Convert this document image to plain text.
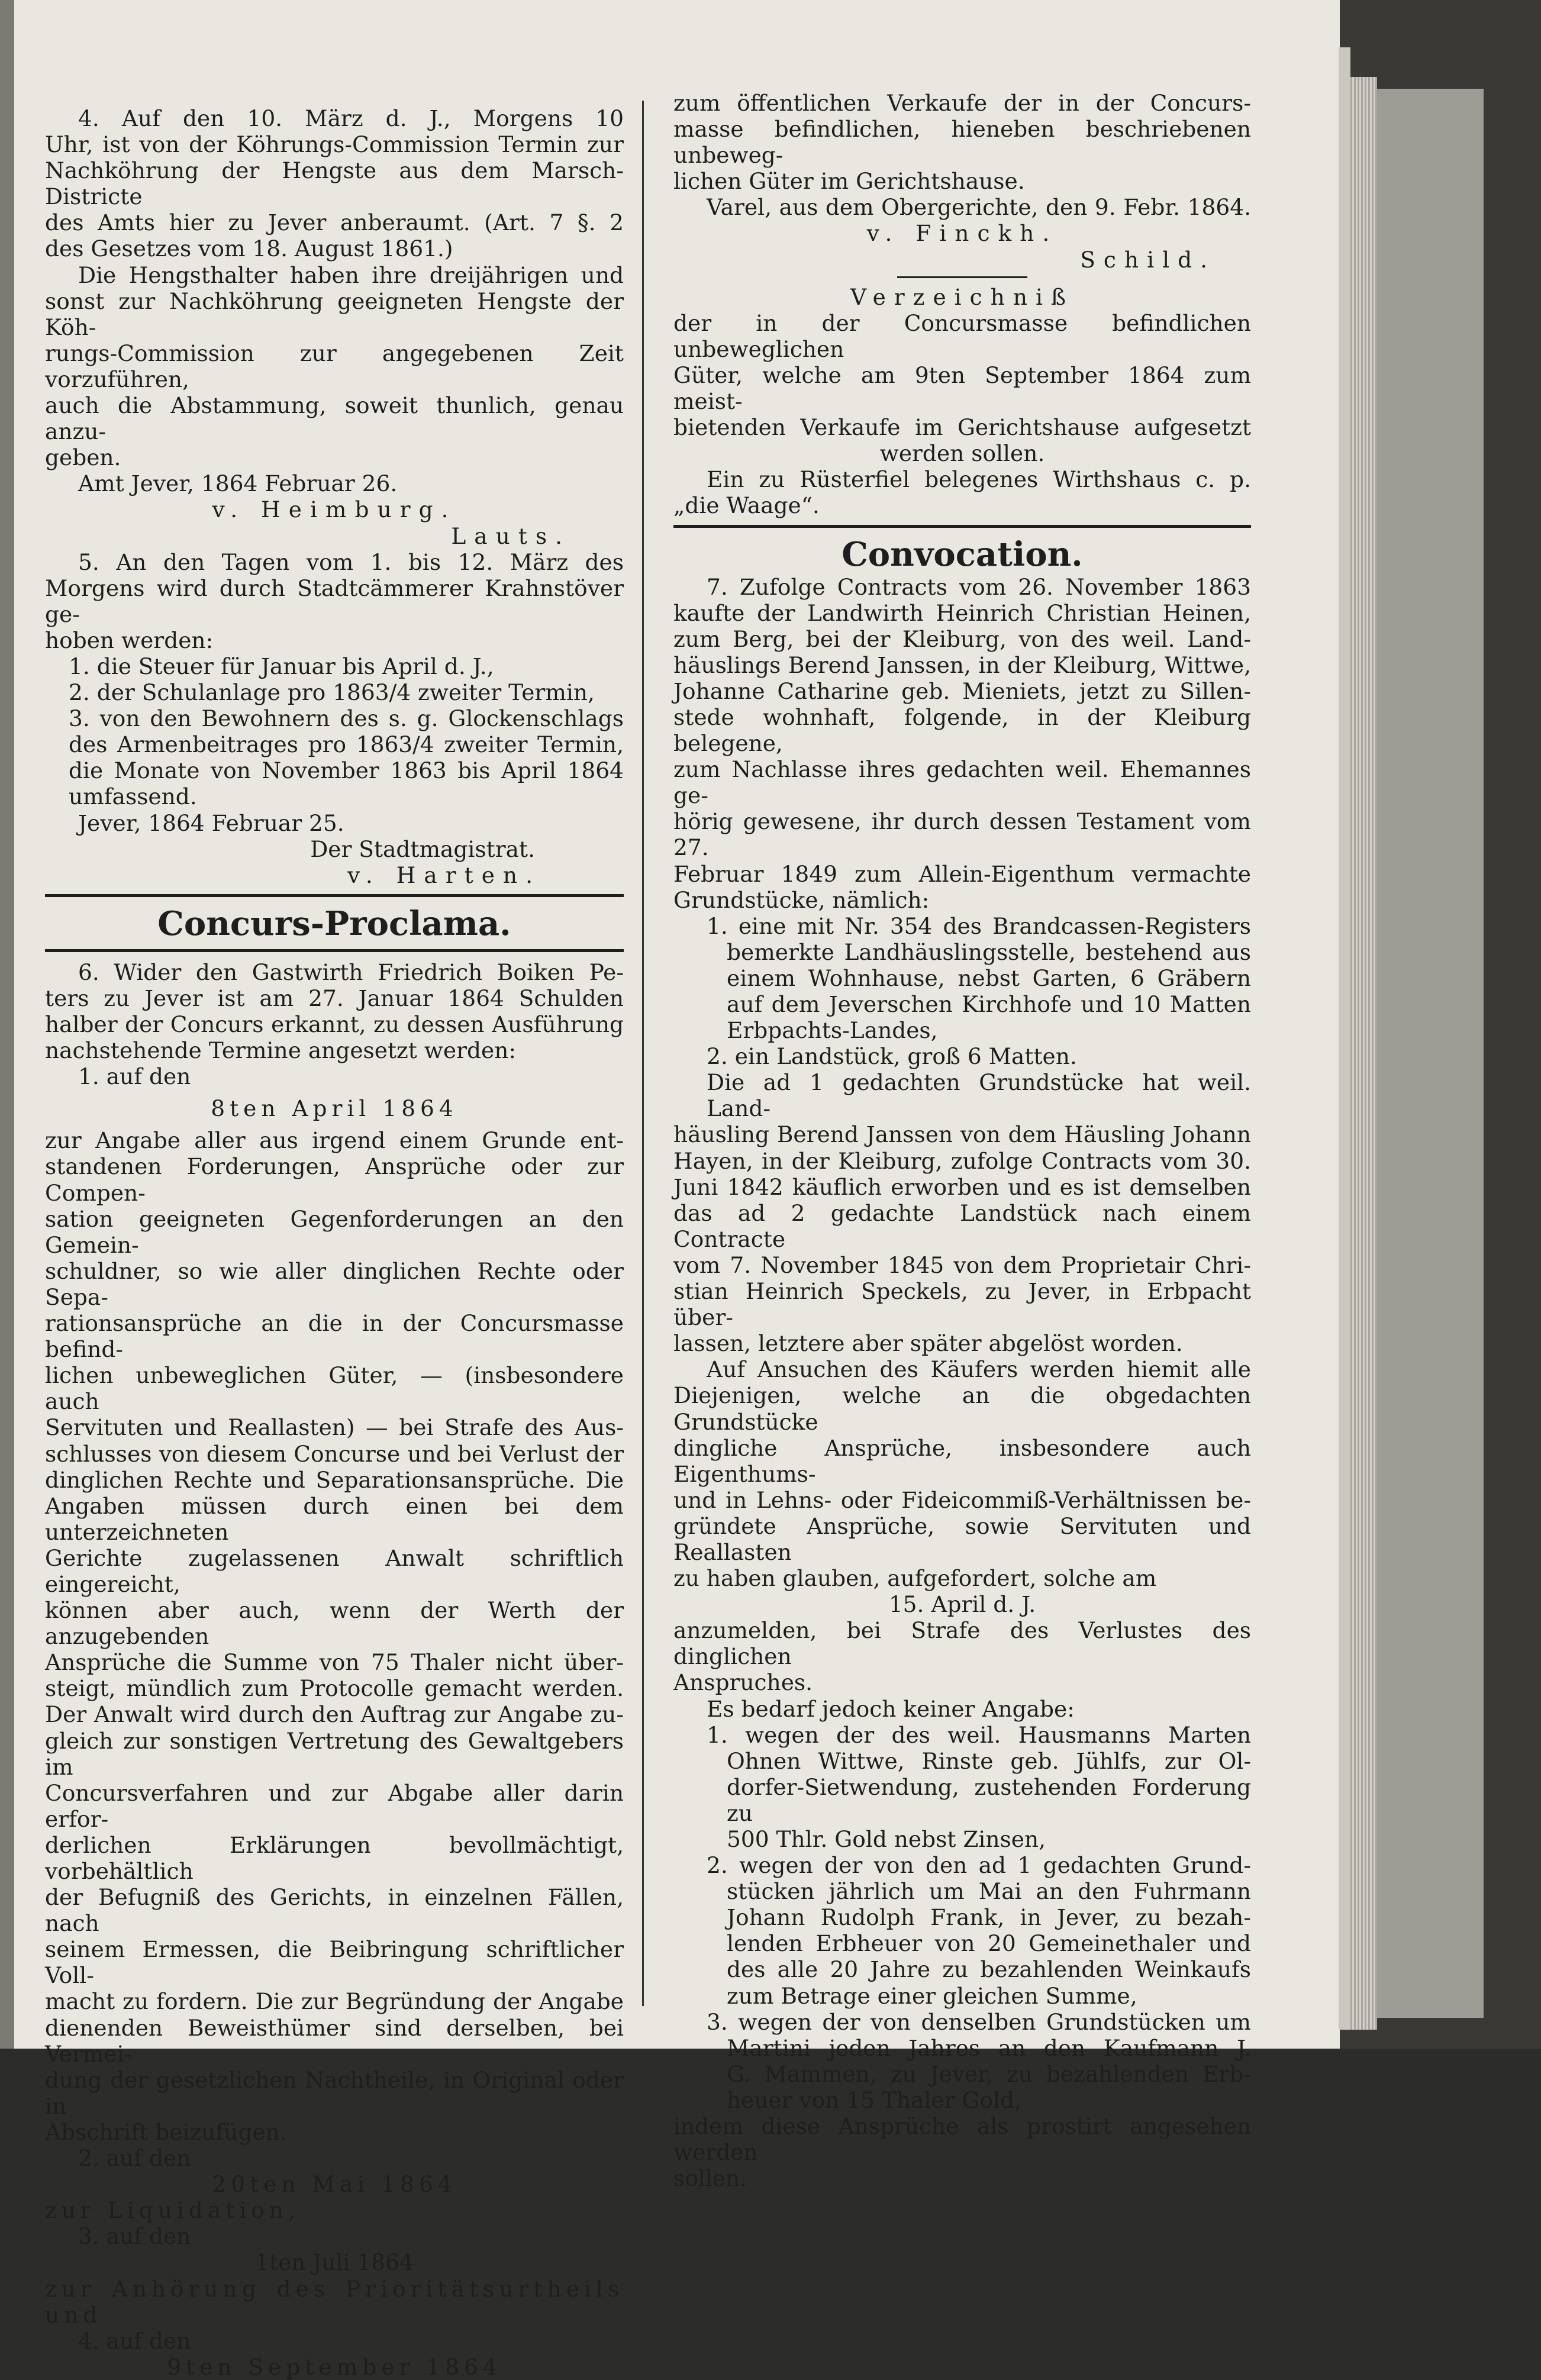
4. Auf den 10. März d. J., Morgens 10
Uhr, ist von der Köhrungs-Commission Termin zur
Nachköhrung der Hengste aus dem Marsch-Districte
des Amts hier zu Jever anberaumt. (Art. 7 §. 2
des Gesetzes vom 18. August 1861.)
Die Hengsthalter haben ihre dreijährigen und
sonst zur Nachköhrung geeigneten Hengste der Köh-
rungs-Commission zur angegebenen Zeit vorzuführen,
auch die Abstammung, soweit thunlich, genau anzu-
geben.
Amt Jever, 1864 Februar 26.
v. Heimburg.
Lauts.
5. An den Tagen vom 1. bis 12. März des
Morgens wird durch Stadtcämmerer Krahnstöver ge-
hoben werden:
1. die Steuer für Januar bis April d. J.,
2. der Schulanlage pro 1863/4 zweiter Termin,
3. von den Bewohnern des s. g. Glockenschlags
des Armenbeitrages pro 1863/4 zweiter Termin,
die Monate von November 1863 bis April 1864
umfassend.
Jever, 1864 Februar 25.
Der Stadtmagistrat.
v. Harten.
Concurs-Proclama.
6. Wider den Gastwirth Friedrich Boiken Pe-
ters zu Jever ist am 27. Januar 1864 Schulden
halber der Concurs erkannt, zu dessen Ausführung
nachstehende Termine angesetzt werden:
1. auf den
8ten April 1864
zur Angabe aller aus irgend einem Grunde ent-
standenen Forderungen, Ansprüche oder zur Compen-
sation geeigneten Gegenforderungen an den Gemein-
schuldner, so wie aller dinglichen Rechte oder Sepa-
rationsansprüche an die in der Concursmasse befind-
lichen unbeweglichen Güter, — (insbesondere auch
Servituten und Reallasten) — bei Strafe des Aus-
schlusses von diesem Concurse und bei Verlust der
dinglichen Rechte und Separationsansprüche. Die
Angaben müssen durch einen bei dem unterzeichneten
Gerichte zugelassenen Anwalt schriftlich eingereicht,
können aber auch, wenn der Werth der anzugebenden
Ansprüche die Summe von 75 Thaler nicht über-
steigt, mündlich zum Protocolle gemacht werden.
Der Anwalt wird durch den Auftrag zur Angabe zu-
gleich zur sonstigen Vertretung des Gewaltgebers im
Concursverfahren und zur Abgabe aller darin erfor-
derlichen Erklärungen bevollmächtigt, vorbehältlich
der Befugniß des Gerichts, in einzelnen Fällen, nach
seinem Ermessen, die Beibringung schriftlicher Voll-
macht zu fordern. Die zur Begründung der Angabe
dienenden Beweisthümer sind derselben, bei Vermei-
dung der gesetzlichen Nachtheile, in Original oder in
Abschrift beizufügen.
2. auf den
20ten Mai 1864
zur Liquidation,
3. auf den
1ten Juli 1864
zur Anhörung des Prioritätsurtheils und
4. auf den
9ten September 1864
zum öffentlichen Verkaufe der in der Concurs-
masse befindlichen, hieneben beschriebenen unbeweg-
lichen Güter im Gerichtshause.
Varel, aus dem Obergerichte, den 9. Febr. 1864.
v. Finckh.
Schild.
Verzeichniß
der in der Concursmasse befindlichen unbeweglichen
Güter, welche am 9ten September 1864 zum meist-
bietenden Verkaufe im Gerichtshause aufgesetzt
werden sollen.
Ein zu Rüsterfiel belegenes Wirthshaus c. p.
„die Waage“.
Convocation.
7. Zufolge Contracts vom 26. November 1863
kaufte der Landwirth Heinrich Christian Heinen,
zum Berg, bei der Kleiburg, von des weil. Land-
häuslings Berend Janssen, in der Kleiburg, Wittwe,
Johanne Catharine geb. Mieniets, jetzt zu Sillen-
stede wohnhaft, folgende, in der Kleiburg belegene,
zum Nachlasse ihres gedachten weil. Ehemannes ge-
hörig gewesene, ihr durch dessen Testament vom 27.
Februar 1849 zum Allein-Eigenthum vermachte
Grundstücke, nämlich:
1. eine mit Nr. 354 des Brandcassen-Registers
bemerkte Landhäuslingsstelle, bestehend aus
einem Wohnhause, nebst Garten, 6 Gräbern
auf dem Jeverschen Kirchhofe und 10 Matten
Erbpachts-Landes,
2. ein Landstück, groß 6 Matten.
Die ad 1 gedachten Grundstücke hat weil. Land-
häusling Berend Janssen von dem Häusling Johann
Hayen, in der Kleiburg, zufolge Contracts vom 30.
Juni 1842 käuflich erworben und es ist demselben
das ad 2 gedachte Landstück nach einem Contracte
vom 7. November 1845 von dem Proprietair Chri-
stian Heinrich Speckels, zu Jever, in Erbpacht über-
lassen, letztere aber später abgelöst worden.
Auf Ansuchen des Käufers werden hiemit alle
Diejenigen, welche an die obgedachten Grundstücke
dingliche Ansprüche, insbesondere auch Eigenthums-
und in Lehns- oder Fideicommiß-Verhältnissen be-
gründete Ansprüche, sowie Servituten und Reallasten
zu haben glauben, aufgefordert, solche am
15. April d. J.
anzumelden, bei Strafe des Verlustes des dinglichen
Anspruches.
Es bedarf jedoch keiner Angabe:
1. wegen der des weil. Hausmanns Marten
Ohnen Wittwe, Rinste geb. Jühlfs, zur Ol-
dorfer-Sietwendung, zustehenden Forderung zu
500 Thlr. Gold nebst Zinsen,
2. wegen der von den ad 1 gedachten Grund-
stücken jährlich um Mai an den Fuhrmann
Johann Rudolph Frank, in Jever, zu bezah-
lenden Erbheuer von 20 Gemeinethaler und
des alle 20 Jahre zu bezahlenden Weinkaufs
zum Betrage einer gleichen Summe,
3. wegen der von denselben Grundstücken um
Martini jeden Jahres an den Kaufmann J.
G. Mammen, zu Jever, zu bezahlenden Erb-
heuer von 15 Thaler Gold,
indem diese Ansprüche als prostirt angesehen werden
sollen.
